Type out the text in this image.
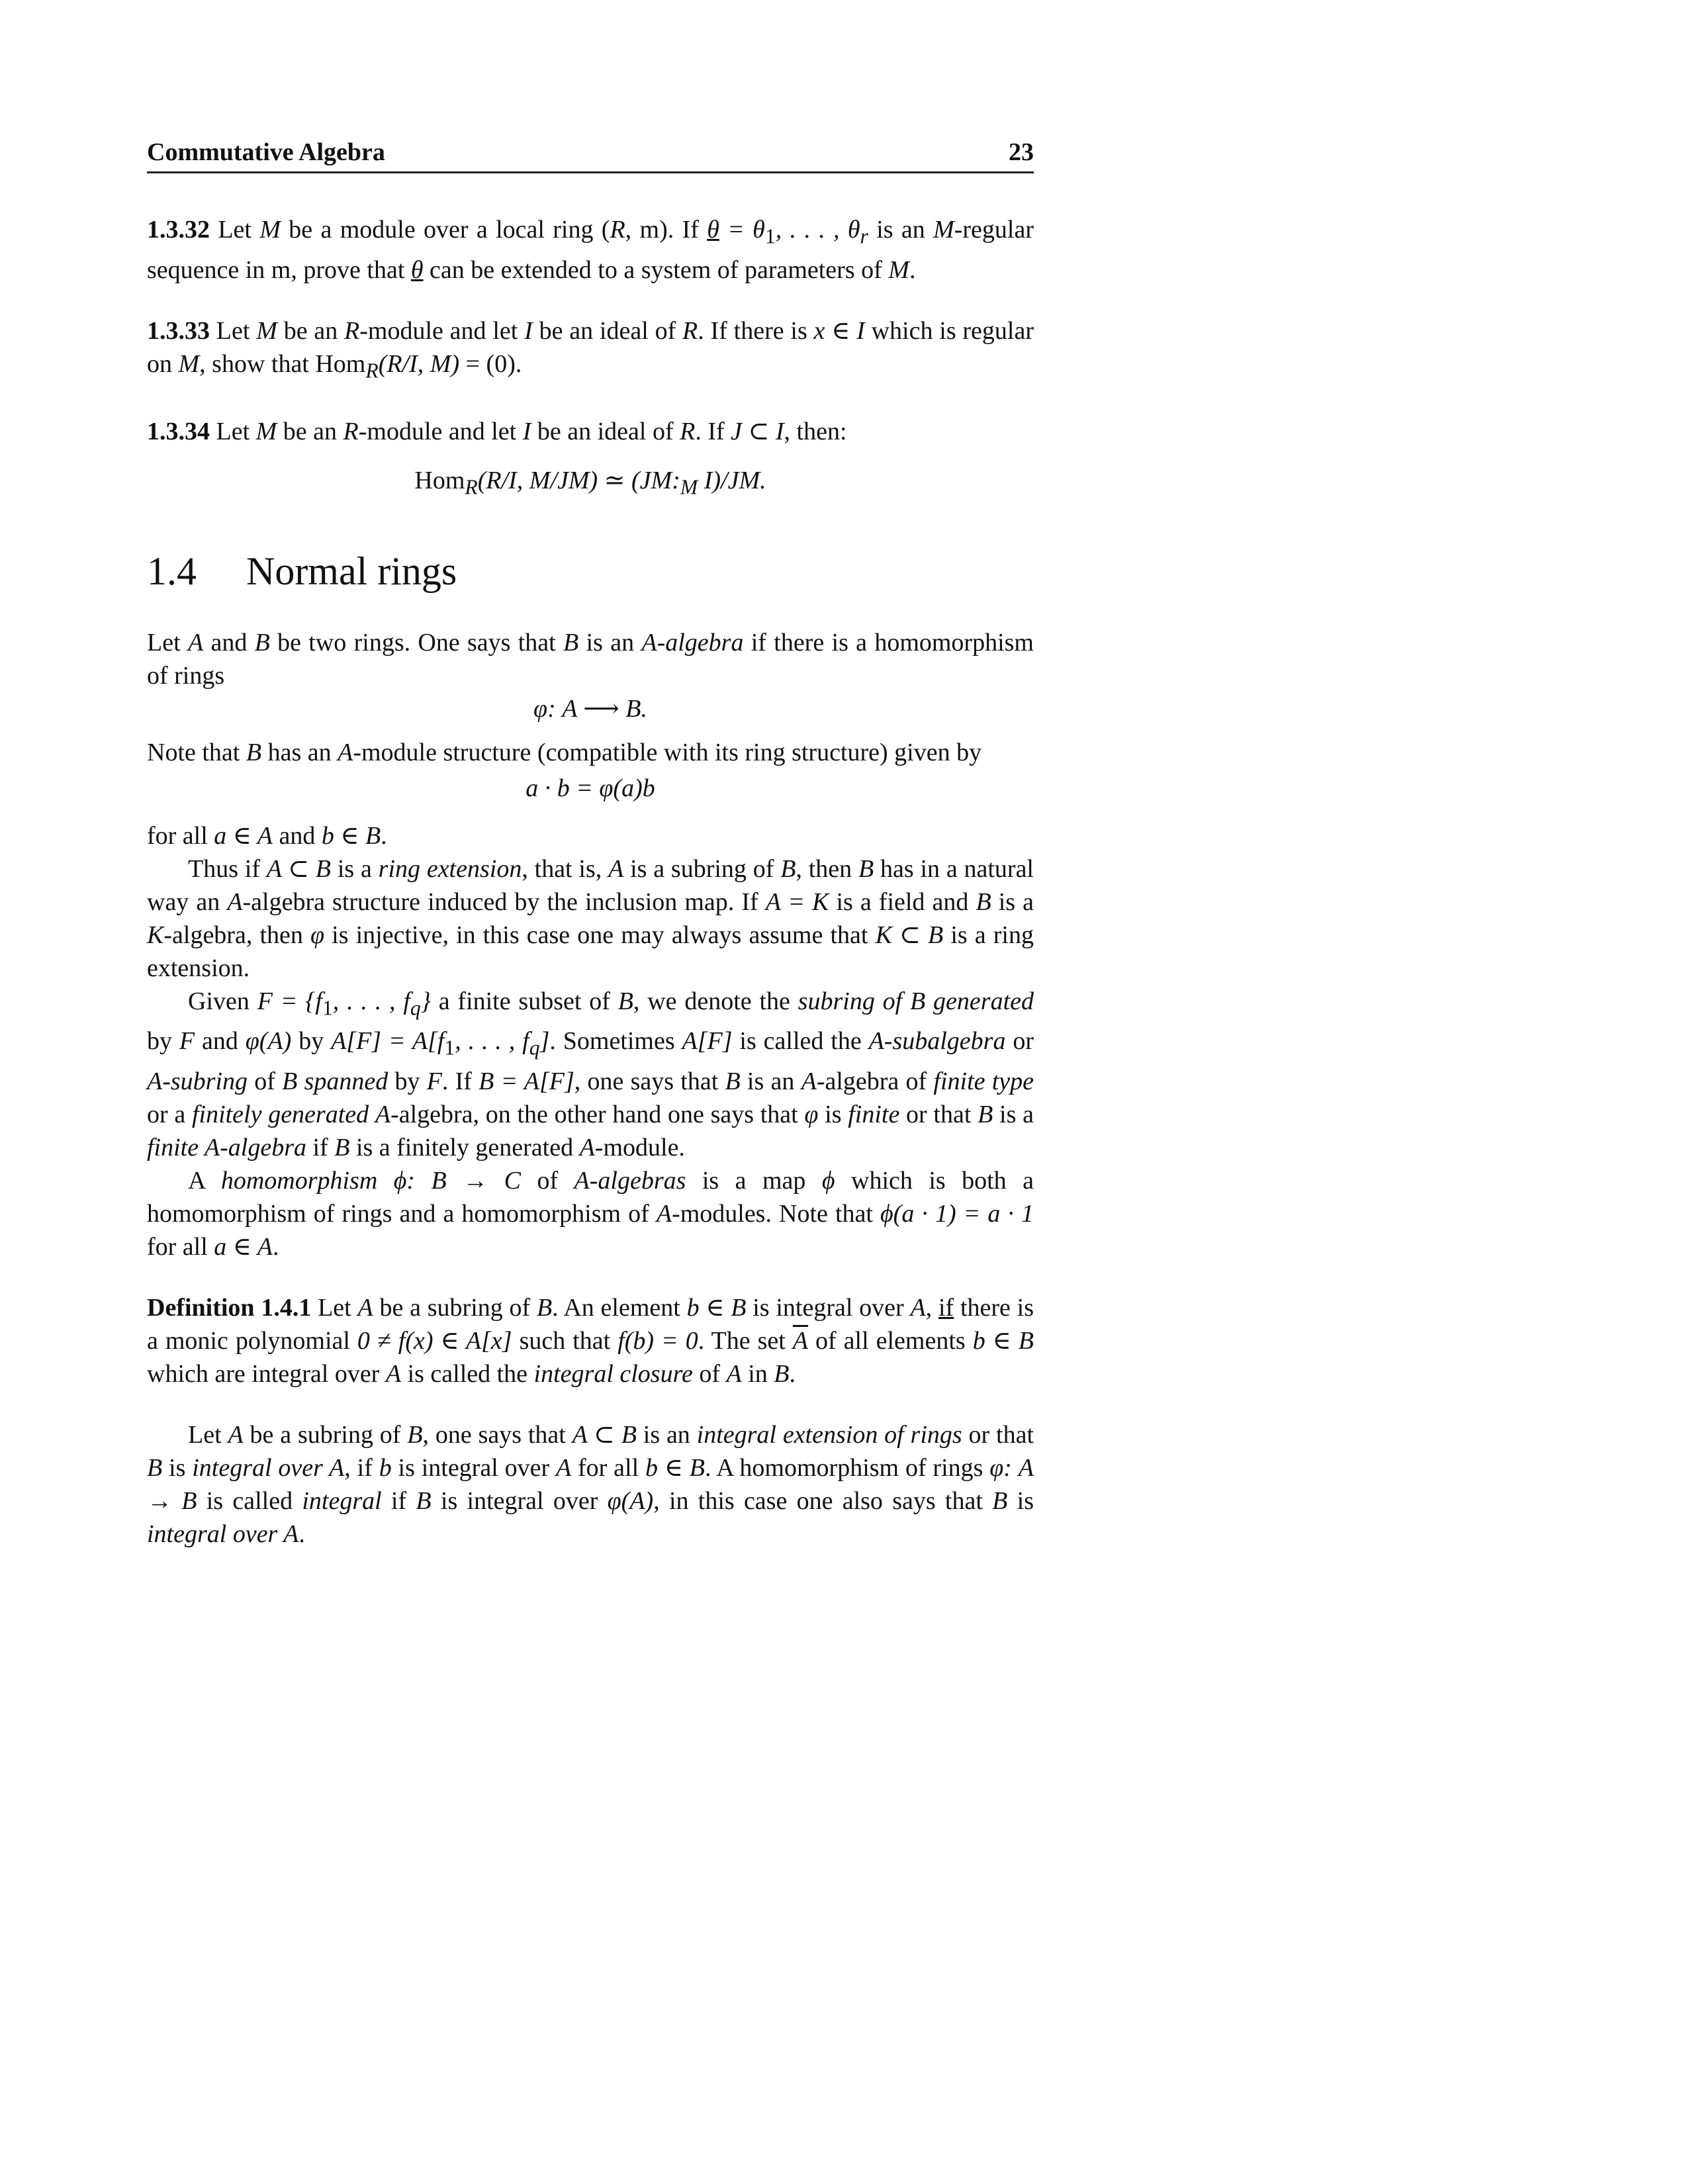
Commutative Algebra	23

1.3.32 Let M be a module over a local ring (R, m). If $\theta = \theta_1$, . . . , $\theta_r$ is an M-regular sequence in m, prove that θ can be extended to a system of parameters of M.

1.3.33 Let M be an R-module and let I be an ideal of R. If there is x ∈ I which is regular on M, show that Hom$_R$(R/I, M) = (0).

1.3.34 Let M be an R-module and let I be an ideal of R. If J ⊂ I, then:

Hom$_R$(R/I, M/JM) ≃ ($JM:_M$ I)/JM.

1.4 Normal rings

Let A and B be two rings. One says that B is an A-algebra if there is a homomorphism of rings

φ: A ⟶ B.

Note that B has an A-module structure (compatible with its ring structure) given by

a · b = φ(a)b

for all a ∈ A and b ∈ B.

Thus if A ⊂ B is a ring extension, that is, A is a subring of B, then B has in a natural way an A-algebra structure induced by the inclusion map. If A = K is a field and B is a K-algebra, then φ is injective, in this case one may always assume that K ⊂ B is a ring extension.

Given $F = \{f_1$, . . . , $f_q$} a finite subset of B, we denote the subring of B generated by F and φ(A) by $A[F] = A[f_1$, . . . , $f_q$]. Sometimes A[F] is called the A-subalgebra or A-subring of B spanned by F. If B = A[F], one says that B is an A-algebra of finite type or a finitely generated A-algebra, on the other hand one says that φ is finite or that B is a finite A-algebra if B is a finitely generated A-module.

A homomorphism ϕ: B → C of A-algebras is a map ϕ which is both a homomorphism of rings and a homomorphism of A-modules. Note that ϕ(a · 1) = a · 1 for all a ∈ A.

Definition 1.4.1 Let A be a subring of B. An element b ∈ B is integral over A, if there is a monic polynomial 0 ≠ f(x) ∈ A[x] such that f(b) = 0. The set $\overline{A}$ of all elements b ∈ B which are integral over A is called the integral closure of A in B.

Let A be a subring of B, one says that A ⊂ B is an integral extension of rings or that B is integral over A, if b is integral over A for all b ∈ B. A homomorphism of rings φ: A → B is called integral if B is integral over φ(A), in this case one also says that B is integral over A.
